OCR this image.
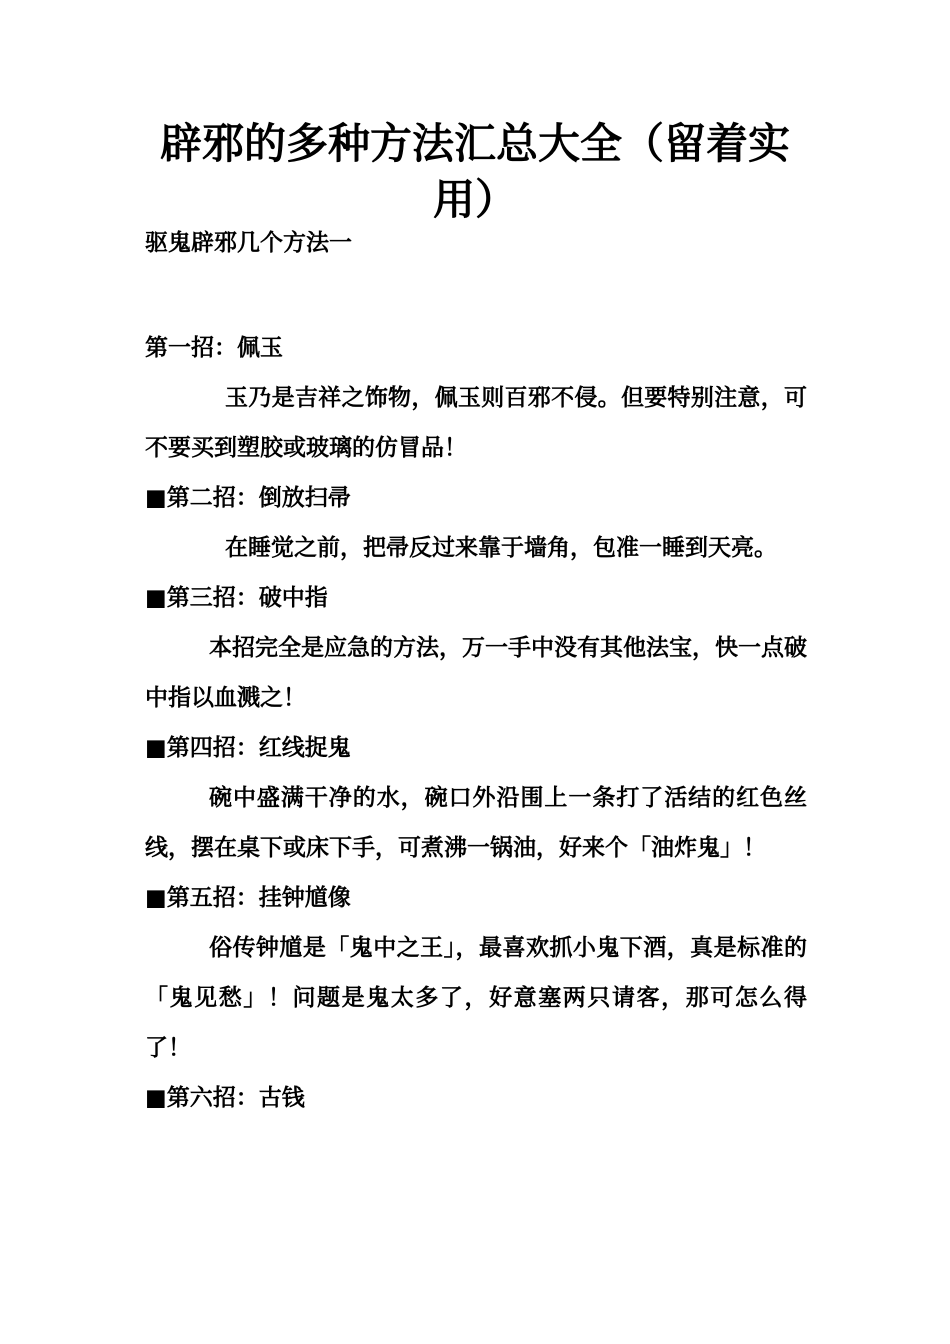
辟邪的多种方法汇总大全（留着实用）

驱鬼辟邪几个方法一

第一招：佩玉

玉乃是吉祥之饰物，佩玉则百邪不侵。但要特别注意，可不要买到塑胶或玻璃的仿冒品！

■第二招：倒放扫帚

在睡觉之前，把帚反过来靠于墙角，包准一睡到天亮。

■第三招：破中指

本招完全是应急的方法，万一手中没有其他法宝，快一点破中指以血溅之！

■第四招：红线捉鬼

碗中盛满干净的水，碗口外沿围上一条打了活结的红色丝线，摆在桌下或床下手，可煮沸一锅油，好来个「油炸鬼」！

■第五招：挂钟馗像

俗传钟馗是「鬼中之王」，最喜欢抓小鬼下酒，真是标准的「鬼见愁」！问题是鬼太多了，好意塞两只请客，那可怎么得了！

■第六招：古钱
